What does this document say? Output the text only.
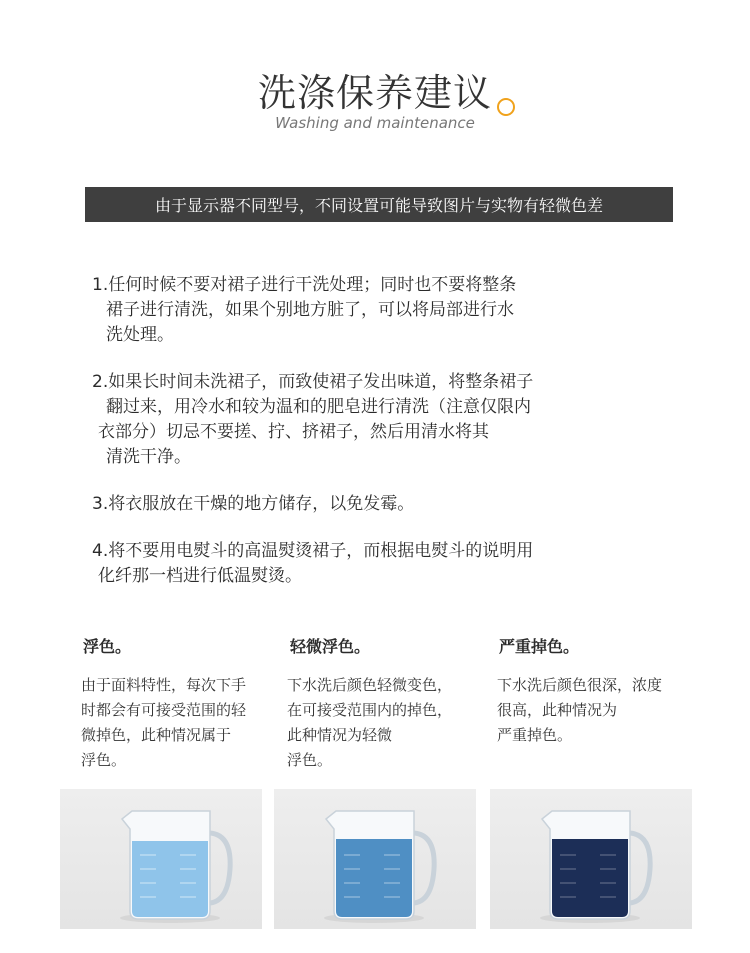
洗涤保养建议
Washing and maintenance
由于显示器不同型号，不同设置可能导致图片与实物有轻微色差

1.任何时候不要对裙子进行干洗处理；同时也不要将整条
裙子进行清洗，如果个别地方脏了，可以将局部进行水
洗处理。

2.如果长时间未洗裙子，而致使裙子发出味道，将整条裙子
翻过来，用冷水和较为温和的肥皂进行清洗（注意仅限内
衣部分）切忌不要搓、拧、挤裙子，然后用清水将其
清洗干净。

3.将衣服放在干燥的地方储存，以免发霉。

4.将不要用电熨斗的高温熨烫裙子，而根据电熨斗的说明用
化纤那一档进行低温熨烫。

浮色。
由于面料特性，每次下手
时都会有可接受范围的轻
微掉色，此种情况属于
浮色。
轻微浮色。
下水洗后颜色轻微变色，
在可接受范围内的掉色，
此种情况为轻微
浮色。
严重掉色。
下水洗后颜色很深，浓度
很高，此种情况为
严重掉色。
